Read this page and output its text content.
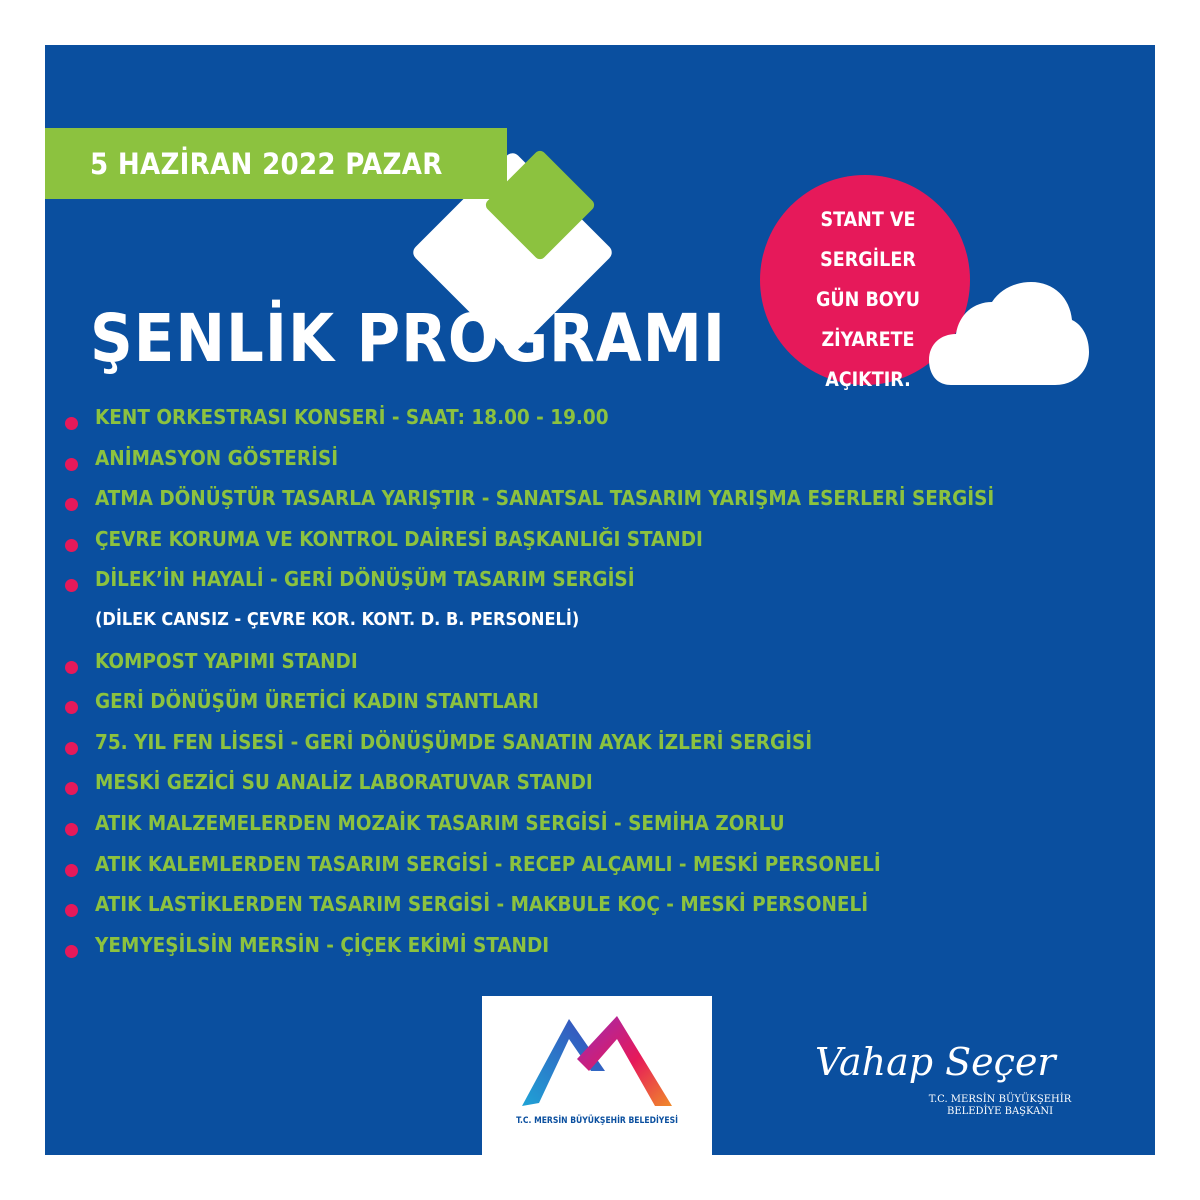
5 HAZİRAN 2022 PAZAR
ŞENLİK PROGRAMI
STANT VE SERGİLER
GÜN BOYU ZİYARETE
AÇIKTIR.
KENT ORKESTRASI KONSERİ - SAAT: 18.00 - 19.00
ANİMASYON GÖSTERİSİ
ATMA DÖNÜŞTÜR TASARLA YARIŞTIR - SANATSAL TASARIM YARIŞMA ESERLERİ SERGİSİ
ÇEVRE KORUMA VE KONTROL DAİRESİ BAŞKANLIĞI STANDI
DİLEK’İN HAYALİ - GERİ DÖNÜŞÜM TASARIM SERGİSİ
(DİLEK CANSIZ - ÇEVRE KOR. KONT. D. B. PERSONELİ)
KOMPOST YAPIMI STANDI
GERİ DÖNÜŞÜM ÜRETİCİ KADIN STANTLARI
75. YIL FEN LİSESİ - GERİ DÖNÜŞÜMDE SANATIN AYAK İZLERİ SERGİSİ
MESKİ GEZİCİ SU ANALİZ LABORATUVAR STANDI
ATIK MALZEMELERDEN MOZAİK TASARIM SERGİSİ - SEMİHA ZORLU
ATIK KALEMLERDEN TASARIM SERGİSİ - RECEP ALÇAMLI - MESKİ PERSONELİ
ATIK LASTİKLERDEN TASARIM SERGİSİ - MAKBULE KOÇ - MESKİ PERSONELİ
YEMYEŞİLSİN MERSİN - ÇİÇEK EKİMİ STANDI
T.C. MERSİN BÜYÜKŞEHİR BELEDİYESİ
Vahap Seçer
T.C. MERSİN BÜYÜKŞEHİR
BELEDİYE BAŞKANI
